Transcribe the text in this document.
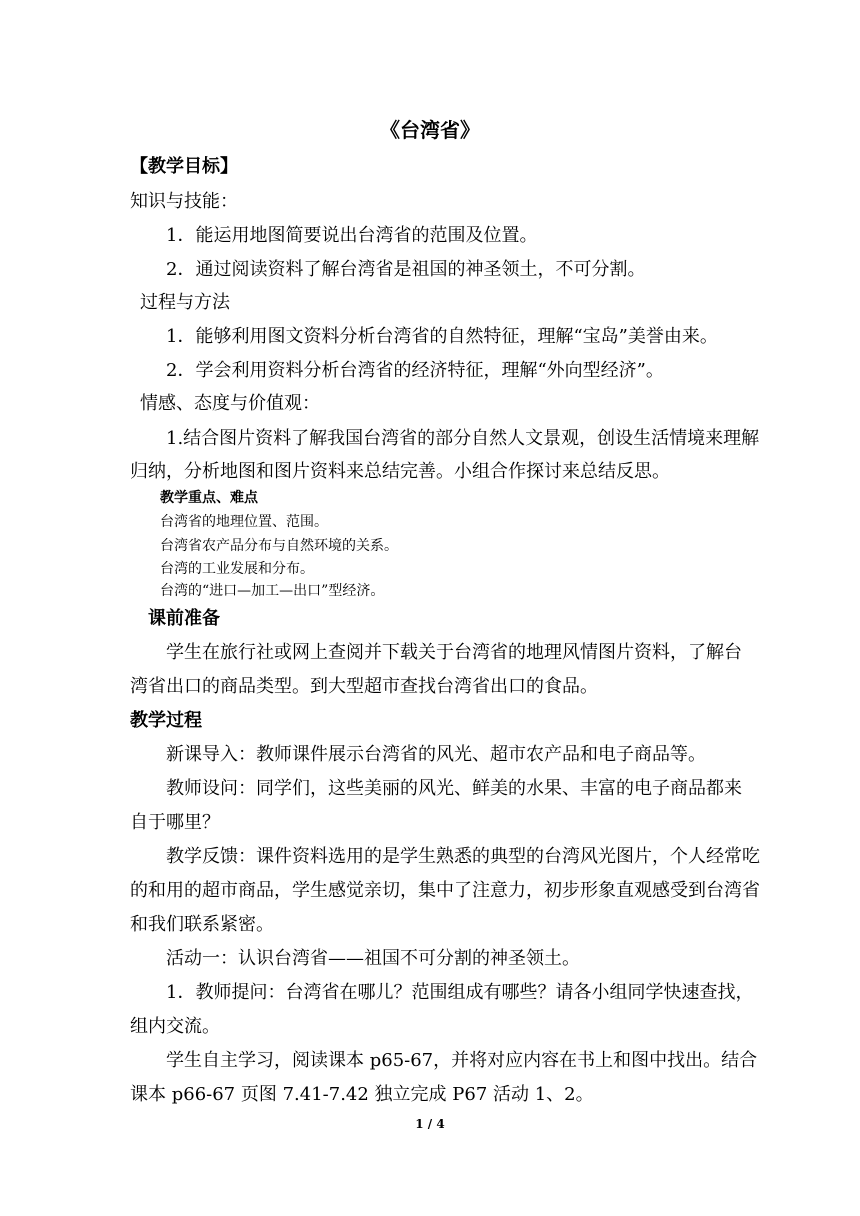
《台湾省》
【教学目标】
知识与技能：
1．能运用地图简要说出台湾省的范围及位置。
2．通过阅读资料了解台湾省是祖国的神圣领土，不可分割。
过程与方法
1．能够利用图文资料分析台湾省的自然特征，理解“宝岛”美誉由来。
2．学会利用资料分析台湾省的经济特征，理解“外向型经济”。
情感、态度与价值观：
1.结合图片资料了解我国台湾省的部分自然人文景观，创设生活情境来理解
归纳，分析地图和图片资料来总结完善。小组合作探讨来总结反思。
教学重点、难点
台湾省的地理位置、范围。
台湾省农产品分布与自然环境的关系。
台湾的工业发展和分布。
台湾的“进口—加工—出口”型经济。
课前准备
学生在旅行社或网上查阅并下载关于台湾省的地理风情图片资料，了解台
湾省出口的商品类型。到大型超市查找台湾省出口的食品。
教学过程
新课导入：教师课件展示台湾省的风光、超市农产品和电子商品等。
教师设问：同学们，这些美丽的风光、鲜美的水果、丰富的电子商品都来
自于哪里？
教学反馈：课件资料选用的是学生熟悉的典型的台湾风光图片，个人经常吃
的和用的超市商品，学生感觉亲切，集中了注意力，初步形象直观感受到台湾省
和我们联系紧密。
活动一：认识台湾省——祖国不可分割的神圣领土。
1．教师提问：台湾省在哪儿？范围组成有哪些？请各小组同学快速查找，
组内交流。
学生自主学习，阅读课本 p65-67，并将对应内容在书上和图中找出。结合
课本 p66-67 页图 7.41-7.42 独立完成 P67 活动 1、2。
1 / 4
